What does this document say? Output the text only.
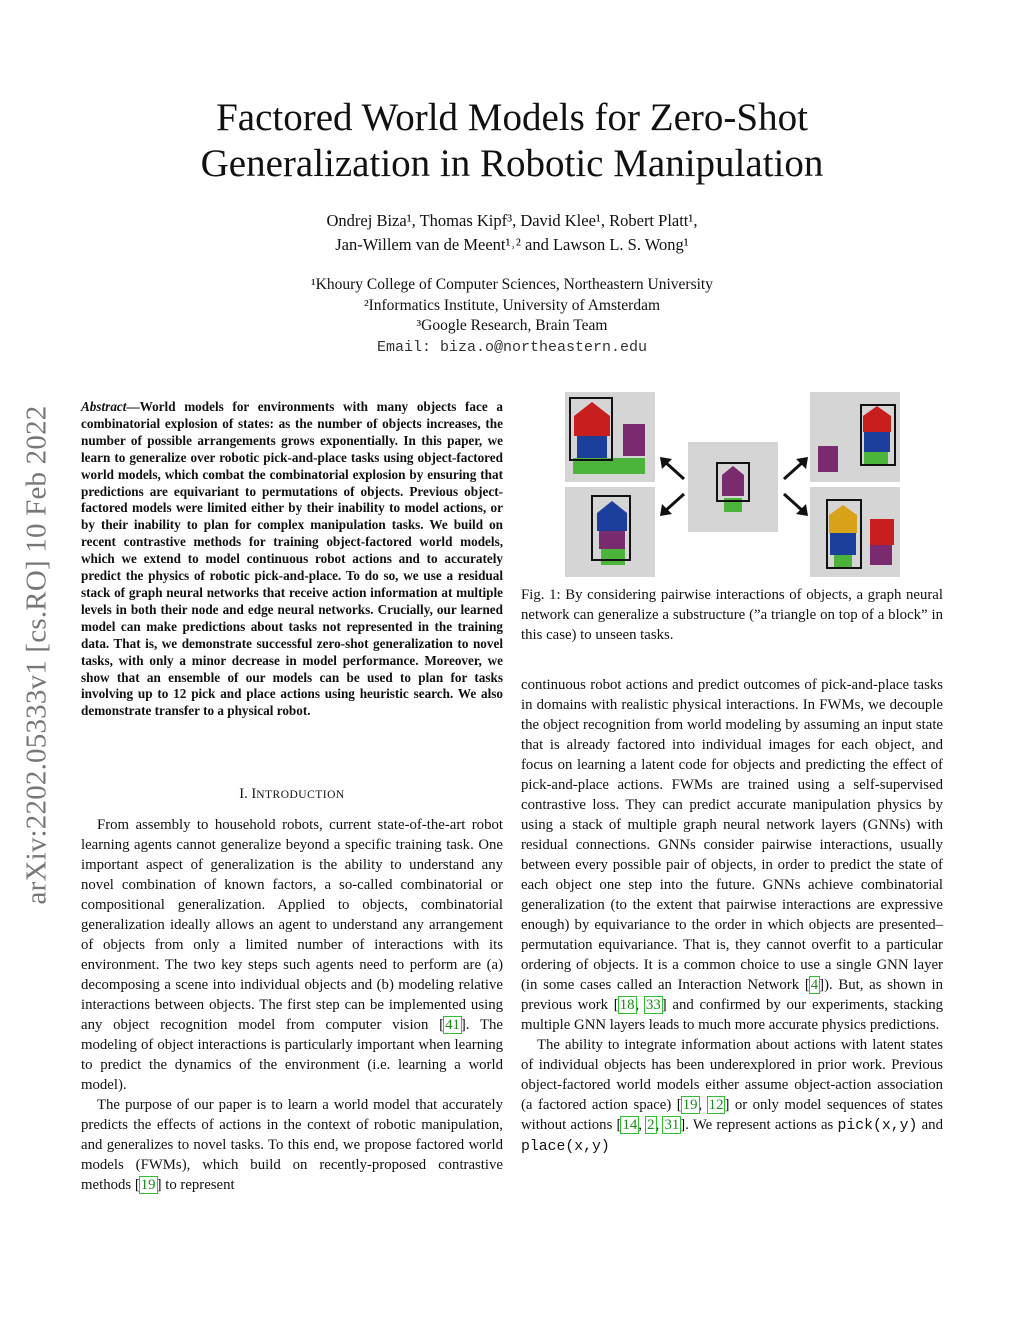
Factored World Models for Zero-Shot
Generalization in Robotic Manipulation
Ondrej Biza¹, Thomas Kipf³, David Klee¹, Robert Platt¹,
Jan-Willem van de Meent¹˒² and Lawson L. S. Wong¹
¹Khoury College of Computer Sciences, Northeastern University
²Informatics Institute, University of Amsterdam
³Google Research, Brain Team
Email: biza.o@northeastern.edu
arXiv:2202.05333v1 [cs.RO] 10 Feb 2022 Abstract—World models for environments with many objects face a combinatorial explosion of states: as the number of objects increases, the number of possible arrangements grows exponentially. In this paper, we learn to generalize over robotic pick-and-place tasks using object-factored world models, which combat the combinatorial explosion by ensuring that predictions are equivariant to permutations of objects. Previous object-factored models were limited either by their inability to model actions, or by their inability to plan for complex manipulation tasks. We build on recent contrastive methods for training object-factored world models, which we extend to model continuous robot actions and to accurately predict the physics of robotic pick-and-place. To do so, we use a residual stack of graph neural networks that receive action information at multiple levels in both their node and edge neural networks. Crucially, our learned model can make predictions about tasks not represented in the training data. That is, we demonstrate successful zero-shot generalization to novel tasks, with only a minor decrease in model performance. Moreover, we show that an ensemble of our models can be used to plan for tasks involving up to 12 pick and place actions using heuristic search. We also demonstrate transfer to a physical robot.
I. INTRODUCTION

From assembly to household robots, current state-of-the-art robot learning agents cannot generalize beyond a specific training task. One important aspect of generalization is the ability to understand any novel combination of known factors, a so-called combinatorial or compositional generalization. Applied to objects, combinatorial generalization ideally allows an agent to understand any arrangement of objects from only a limited number of interactions with its environment. The two key steps such agents need to perform are (a) decomposing a scene into individual objects and (b) modeling relative interactions between objects. The first step can be implemented using any object recognition model from computer vision [41]. The modeling of object interactions is particularly important when learning to predict the dynamics of the environment (i.e. learning a world model).

The purpose of our paper is to learn a world model that accurately predicts the effects of actions in the context of robotic manipulation, and generalizes to novel tasks. To this end, we propose factored world models (FWMs), which build on recently-proposed contrastive methods [19] to represent

Fig. 1: By considering pairwise interactions of objects, a graph neural network can generalize a substructure (”a triangle on top of a block” in this case) to unseen tasks.

continuous robot actions and predict outcomes of pick-and-place tasks in domains with realistic physical interactions. In FWMs, we decouple the object recognition from world modeling by assuming an input state that is already factored into individual images for each object, and focus on learning a latent code for objects and predicting the effect of pick-and-place actions. FWMs are trained using a self-supervised contrastive loss. They can predict accurate manipulation physics by using a stack of multiple graph neural network layers (GNNs) with residual connections. GNNs consider pairwise interactions, usually between every possible pair of objects, in order to predict the state of each object one step into the future. GNNs achieve combinatorial generalization (to the extent that pairwise interactions are expressive enough) by equivariance to the order in which objects are presented–permutation equivariance. That is, they cannot overfit to a particular ordering of objects. It is a common choice to use a single GNN layer (in some cases called an Interaction Network [4]). But, as shown in previous work [18, 33] and confirmed by our experiments, stacking multiple GNN layers leads to much more accurate physics predictions.

The ability to integrate information about actions with latent states of individual objects has been underexplored in prior work. Previous object-factored world models either assume object-action association (a factored action space) [19, 12] or only model sequences of states without actions [14, 2, 31]. We represent actions as pick(x,y) and place(x,y)
